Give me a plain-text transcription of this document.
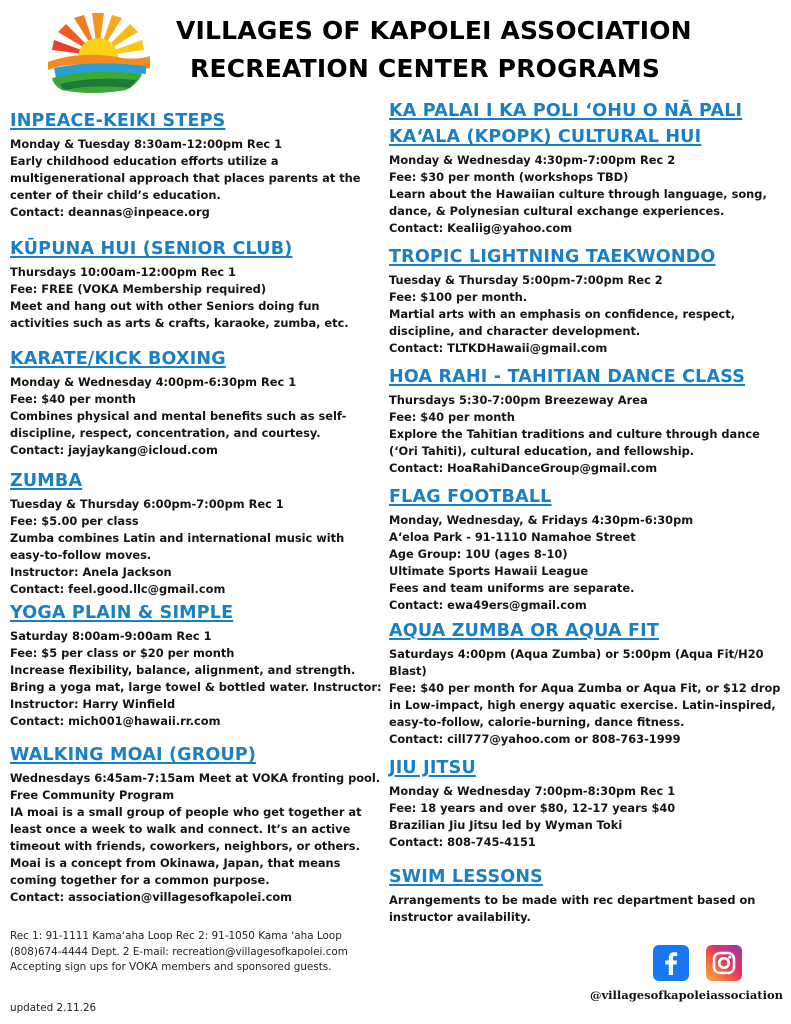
VILLAGES OF KAPOLEI ASSOCIATION
RECREATION CENTER PROGRAMS
INPEACE-KEIKI STEPS
Monday & Tuesday 8:30am-12:00pm Rec 1
Early childhood education efforts utilize a multigenerational approach that places parents at the center of their child’s education.
Contact: deannas@inpeace.org
KŪPUNA HUI (SENIOR CLUB)
Thursdays 10:00am-12:00pm Rec 1
Fee: FREE (VOKA Membership required)
Meet and hang out with other Seniors doing fun activities such as arts & crafts, karaoke, zumba, etc.
KARATE/KICK BOXING
Monday & Wednesday 4:00pm-6:30pm Rec 1
Fee: $40 per month
Combines physical and mental benefits such as self-discipline, respect, concentration, and courtesy.
Contact: jayjaykang@icloud.com
ZUMBA
Tuesday & Thursday 6:00pm-7:00pm Rec 1
Fee: $5.00 per class
Zumba combines Latin and international music with easy-to-follow moves.
Instructor: Anela Jackson
Contact: feel.good.llc@gmail.com
YOGA PLAIN & SIMPLE
Saturday 8:00am-9:00am Rec 1
Fee: $5 per class or $20 per month
Increase flexibility, balance, alignment, and strength. Bring a yoga mat, large towel & bottled water. Instructor: Instructor: Harry Winfield
Contact: mich001@hawaii.rr.com
WALKING MOAI (GROUP)
Wednesdays 6:45am-7:15am Meet at VOKA fronting pool.
Free Community Program
IA moai is a small group of people who get together at least once a week to walk and connect. It’s an active timeout with friends, coworkers, neighbors, or others. Moai is a concept from Okinawa, Japan, that means coming together for a common purpose.
Contact: association@villagesofkapolei.com
KA PALAI I KA POLI ʻOHU O NĀ PALI
KAʻALA (KPOPK) CULTURAL HUI
Monday & Wednesday 4:30pm-7:00pm Rec 2
Fee: $30 per month (workshops TBD)
Learn about the Hawaiian culture through language, song, dance, & Polynesian cultural exchange experiences.
Contact: Kealiig@yahoo.com
TROPIC LIGHTNING TAEKWONDO
Tuesday & Thursday 5:00pm-7:00pm Rec 2
Fee: $100 per month.
Martial arts with an emphasis on confidence, respect, discipline, and character development.
Contact: TLTKDHawaii@gmail.com
HOA RAHI - TAHITIAN DANCE CLASS
Thursdays 5:30-7:00pm Breezeway Area
Fee: $40 per month
Explore the Tahitian traditions and culture through dance (ʻOri Tahiti), cultural education, and fellowship.
Contact: HoaRahiDanceGroup@gmail.com
FLAG FOOTBALL
Monday, Wednesday, & Fridays 4:30pm-6:30pm
Aʻeloa Park - 91-1110 Namahoe Street
Age Group: 10U (ages 8-10)
Ultimate Sports Hawaii League
Fees and team uniforms are separate.
Contact: ewa49ers@gmail.com
AQUA ZUMBA OR AQUA FIT
Saturdays 4:00pm (Aqua Zumba) or 5:00pm (Aqua Fit/H20 Blast)
Fee: $40 per month for Aqua Zumba or Aqua Fit, or $12 drop in Low-impact, high energy aquatic exercise. Latin-inspired, easy-to-follow, calorie-burning, dance fitness.
Contact: cill777@yahoo.com or 808-763-1999
JIU JITSU
Monday & Wednesday 7:00pm-8:30pm Rec 1
Fee: 18 years and over $80, 12-17 years $40
Brazilian Jiu Jitsu led by Wyman Toki
Contact: 808-745-4151
SWIM LESSONS
Arrangements to be made with rec department based on instructor availability.
Rec 1: 91-1111 Kamaʻaha Loop Rec 2: 91-1050 Kama ʻaha Loop (808)674-4444 Dept. 2 E-mail: recreation@villagesofkapolei.com
Accepting sign ups for VOKA members and sponsored guests.
updated 2.11.26
@villagesofkapoleiassociation
